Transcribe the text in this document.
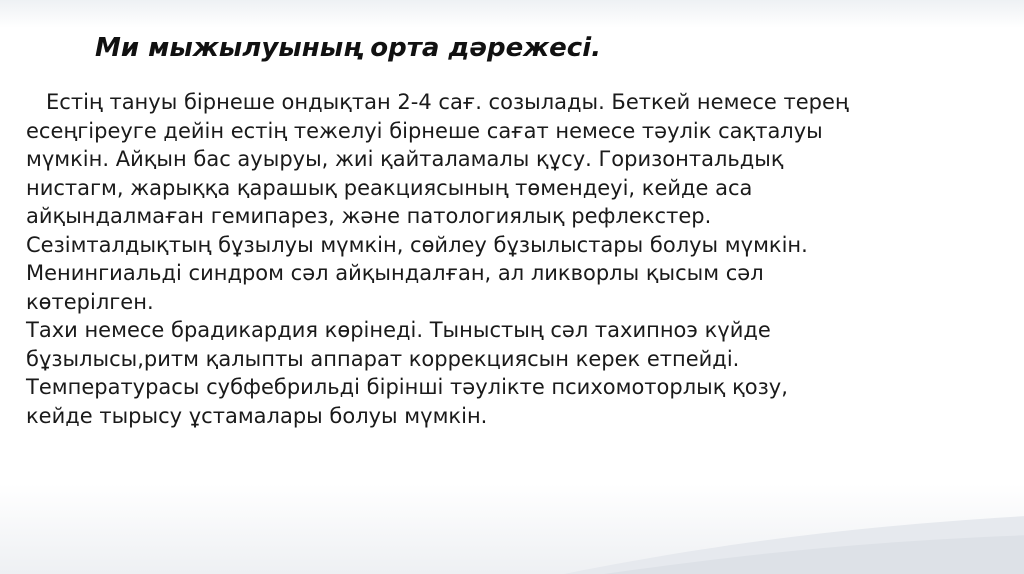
Ми мыжылуының орта дәрежесі.
Естің тануы бірнеше ондықтан 2-4 сағ. созылады. Беткей немесе терең
есеңгіреуге дейін естің тежелуі бірнеше сағат немесе тәулік сақталуы
мүмкін. Айқын бас ауыруы, жиі қайталамалы құсу. Горизонтальдық
нистагм, жарыққа қарашық реакциясының төмендеуі, кейде аса
айқындалмаған гемипарез, және патологиялық рефлекстер.
Сезімталдықтың бұзылуы мүмкін, сөйлеу бұзылыстары болуы мүмкін.
Менингиальді синдром сәл айқындалған, ал ликворлы қысым сәл
көтерілген.
Тахи немесе брадикардия көрінеді. Тыныстың сәл тахипноэ күйде
бұзылысы,ритм қалыпты аппарат коррекциясын керек етпейді.
Температурасы субфебрильді бірінші тәулікте психомоторлық қозу,
кейде тырысу ұстамалары болуы мүмкін.
